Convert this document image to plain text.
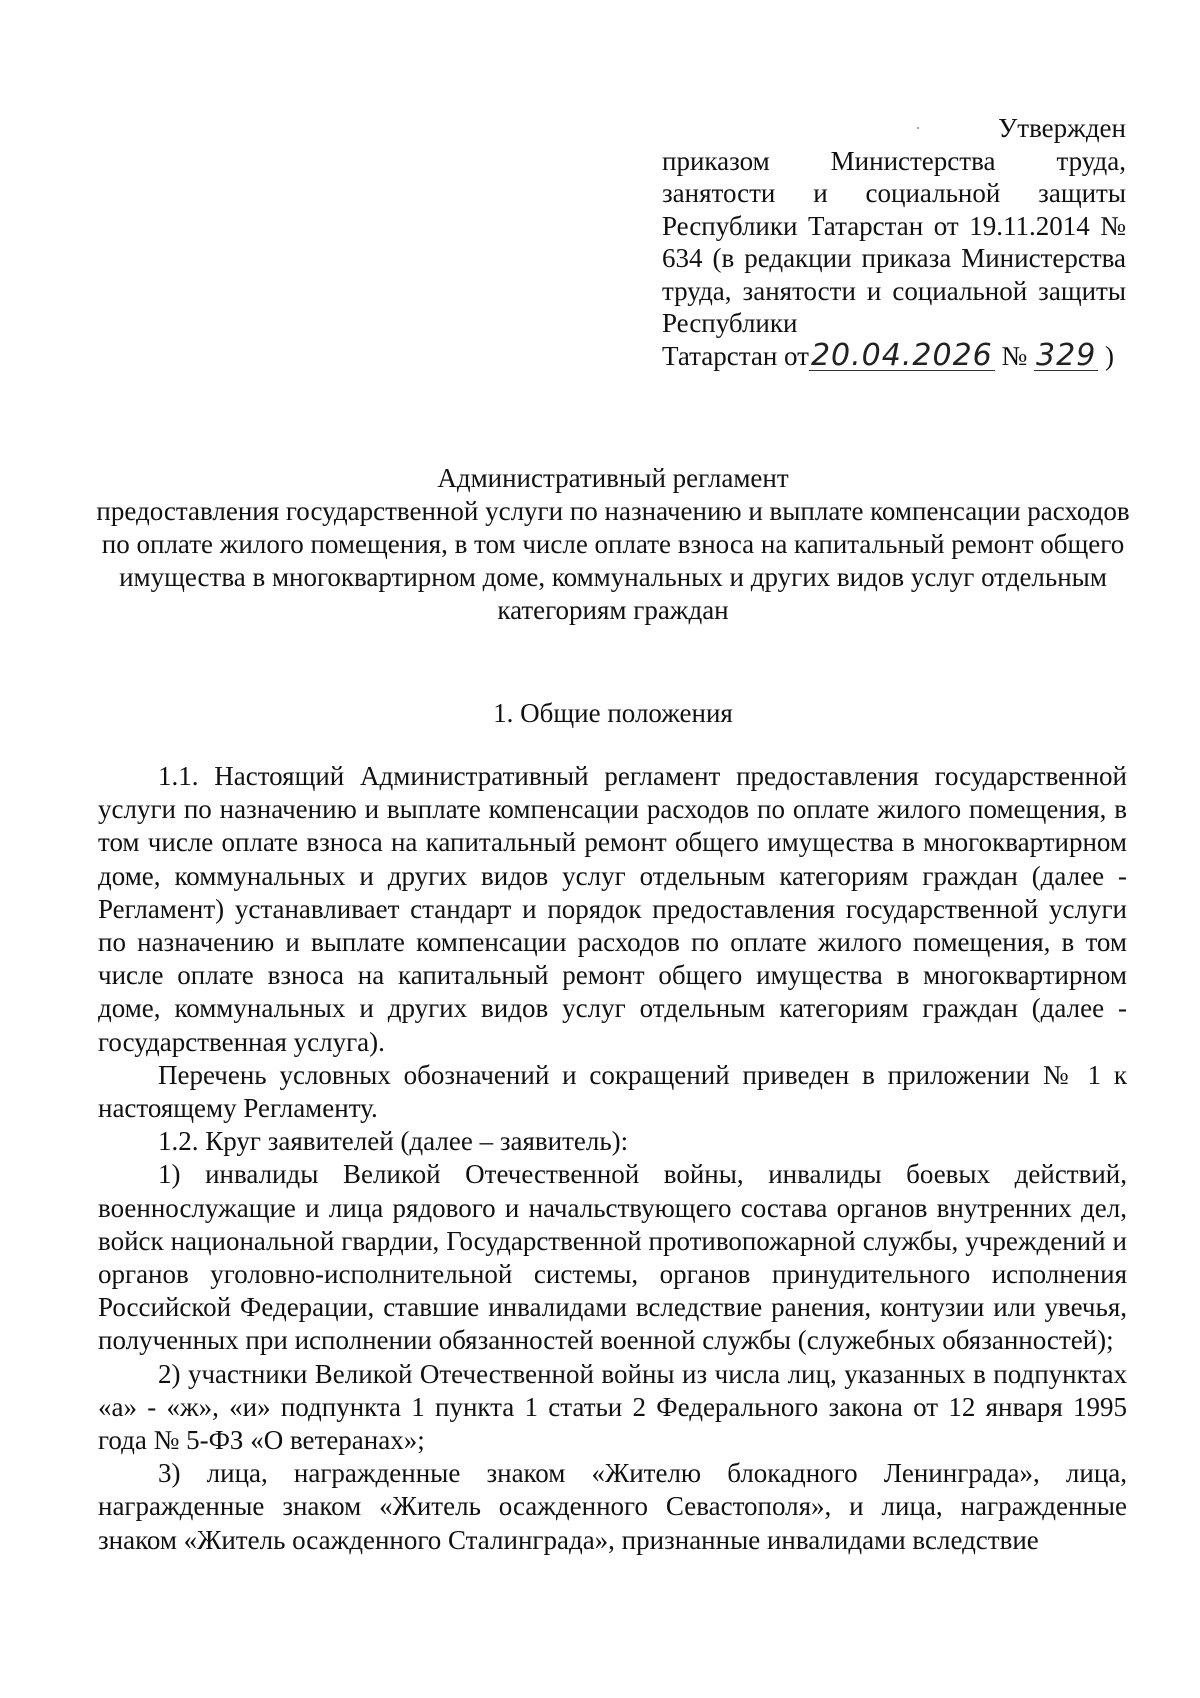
Утвержден

приказом Министерства труда, занятости и социальной защиты Республики Татарстан от 19.11.2014 № 634 (в редакции приказа Министерства труда, занятости и социальной защиты Республики

Татарстан от20.04.2026 № 329 )

Административный регламент

предоставления государственной услуги по назначению и выплате компенсации расходов по оплате жилого помещения, в том числе оплате взноса на капитальный ремонт общего имущества в многоквартирном доме, коммунальных и других видов услуг отдельным категориям граждан

1. Общие положения

1.1. Настоящий Административный регламент предоставления государственной услуги по назначению и выплате компенсации расходов по оплате жилого помещения, в том числе оплате взноса на капитальный ремонт общего имущества в многоквартирном доме, коммунальных и других видов услуг отдельным категориям граждан (далее - Регламент) устанавливает стандарт и порядок предоставления государственной услуги по назначению и выплате компенсации расходов по оплате жилого помещения, в том числе оплате взноса на капитальный ремонт общего имущества в многоквартирном доме, коммунальных и других видов услуг отдельным категориям граждан (далее - государственная услуга).

Перечень условных обозначений и сокращений приведен в приложении № 1 к настоящему Регламенту.

1.2. Круг заявителей (далее – заявитель):

1) инвалиды Великой Отечественной войны, инвалиды боевых действий, военнослужащие и лица рядового и начальствующего состава органов внутренних дел, войск национальной гвардии, Государственной противопожарной службы, учреждений и органов уголовно-исполнительной системы, органов принудительного исполнения Российской Федерации, ставшие инвалидами вследствие ранения, контузии или увечья, полученных при исполнении обязанностей военной службы (служебных обязанностей);

2) участники Великой Отечественной войны из числа лиц, указанных в подпунктах «а» - «ж», «и» подпункта 1 пункта 1 статьи 2 Федерального закона от 12 января 1995 года № 5-ФЗ «О ветеранах»;

3) лица, награжденные знаком «Жителю блокадного Ленинграда», лица, награжденные знаком «Житель осажденного Севастополя», и лица, награжденные знаком «Житель осажденного Сталинграда», признанные инвалидами вследствие
